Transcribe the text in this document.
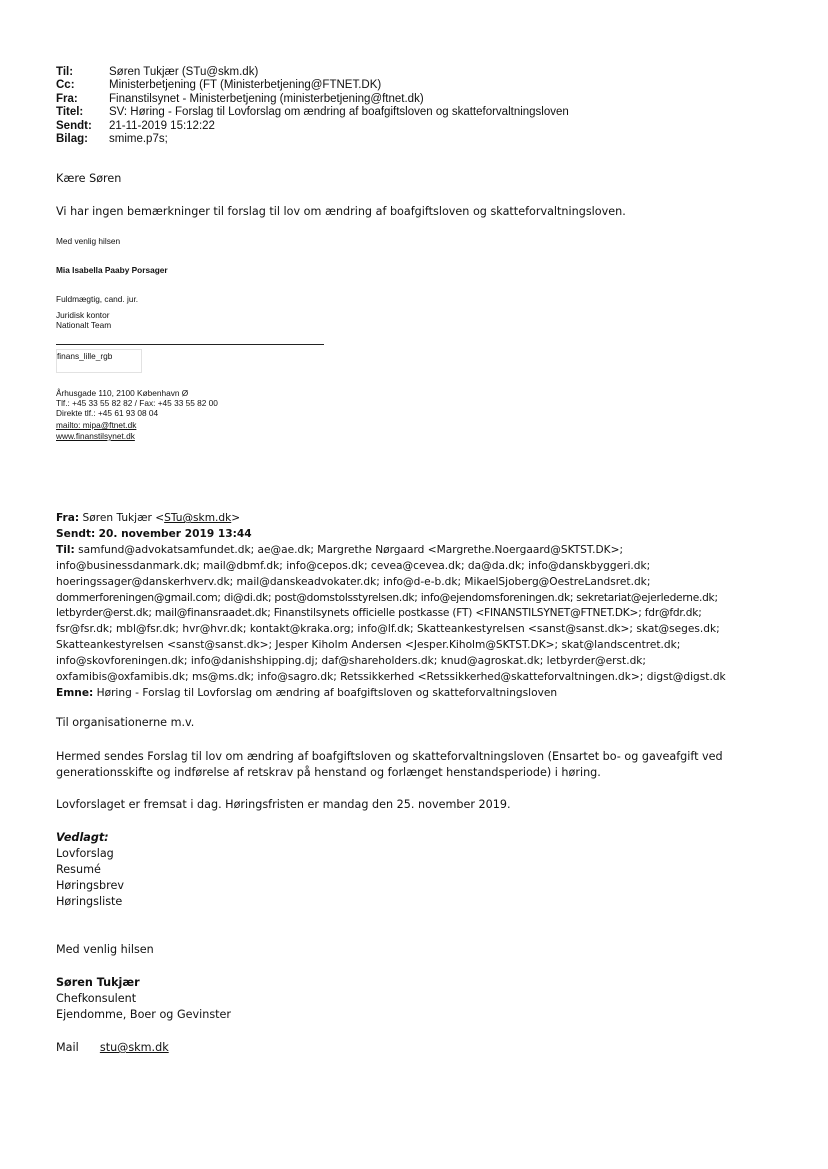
Til:	Søren Tukjær (STu@skm.dk)
Cc:	Ministerbetjening (FT (Ministerbetjening@FTNET.DK)
Fra:	Finanstilsynet - Ministerbetjening (ministerbetjening@ftnet.dk)
Titel:	SV: Høring - Forslag til Lovforslag om ændring af boafgiftsloven og skatteforvaltningsloven
Sendt:	21-11-2019 15:12:22
Bilag:	smime.p7s;
Kære Søren
Vi har ingen bemærkninger til forslag til lov om ændring af boafgiftsloven og skatteforvaltningsloven.
Med venlig hilsen
Mia Isabella Paaby Porsager
Fuldmægtig, cand. jur.
Juridisk kontor
Nationalt Team
finans_lille_rgb
Århusgade 110, 2100 København Ø
Tlf.: +45 33 55 82 82 / Fax: +45 33 55 82 00
Direkte tlf.: +45 61 93 08 04
mailto: mipa@ftnet.dk
www.finanstilsynet.dk
Fra: Søren Tukjær <STu@skm.dk>
Sendt: 20. november 2019 13:44
Til: samfund@advokatsamfundet.dk; ae@ae.dk; Margrethe Nørgaard <Margrethe.Noergaard@SKTST.DK>;
info@businessdanmark.dk; mail@dbmf.dk; info@cepos.dk; cevea@cevea.dk; da@da.dk; info@danskbyggeri.dk;
hoeringssager@danskerhverv.dk; mail@danskeadvokater.dk; info@d-e-b.dk; MikaelSjoberg@OestreLandsret.dk;
dommerforeningen@gmail.com; di@di.dk; post@domstolsstyrelsen.dk; info@ejendomsforeningen.dk; sekretariat@ejerlederne.dk;
letbyrder@erst.dk; mail@finansraadet.dk; Finanstilsynets officielle postkasse (FT) <FINANSTILSYNET@FTNET.DK>; fdr@fdr.dk;
fsr@fsr.dk; mbl@fsr.dk; hvr@hvr.dk; kontakt@kraka.org; info@lf.dk; Skatteankestyrelsen <sanst@sanst.dk>; skat@seges.dk;
Skatteankestyrelsen <sanst@sanst.dk>; Jesper Kiholm Andersen <Jesper.Kiholm@SKTST.DK>; skat@landscentret.dk;
info@skovforeningen.dk; info@danishshipping.dj; daf@shareholders.dk; knud@agroskat.dk; letbyrder@erst.dk;
oxfamibis@oxfamibis.dk; ms@ms.dk; info@sagro.dk; Retssikkerhed <Retssikkerhed@skatteforvaltningen.dk>; digst@digst.dk
Emne: Høring - Forslag til Lovforslag om ændring af boafgiftsloven og skatteforvaltningsloven
Til organisationerne m.v.
Hermed sendes Forslag til lov om ændring af boafgiftsloven og skatteforvaltningsloven (Ensartet bo- og gaveafgift ved
generationsskifte og indførelse af retskrav på henstand og forlænget henstandsperiode) i høring.
Lovforslaget er fremsat i dag. Høringsfristen er mandag den 25. november 2019.
Vedlagt:
Lovforslag
Resumé
Høringsbrev
Høringsliste
Med venlig hilsen
Søren Tukjær
Chefkonsulent
Ejendomme, Boer og Gevinster
Mail stu@skm.dk
